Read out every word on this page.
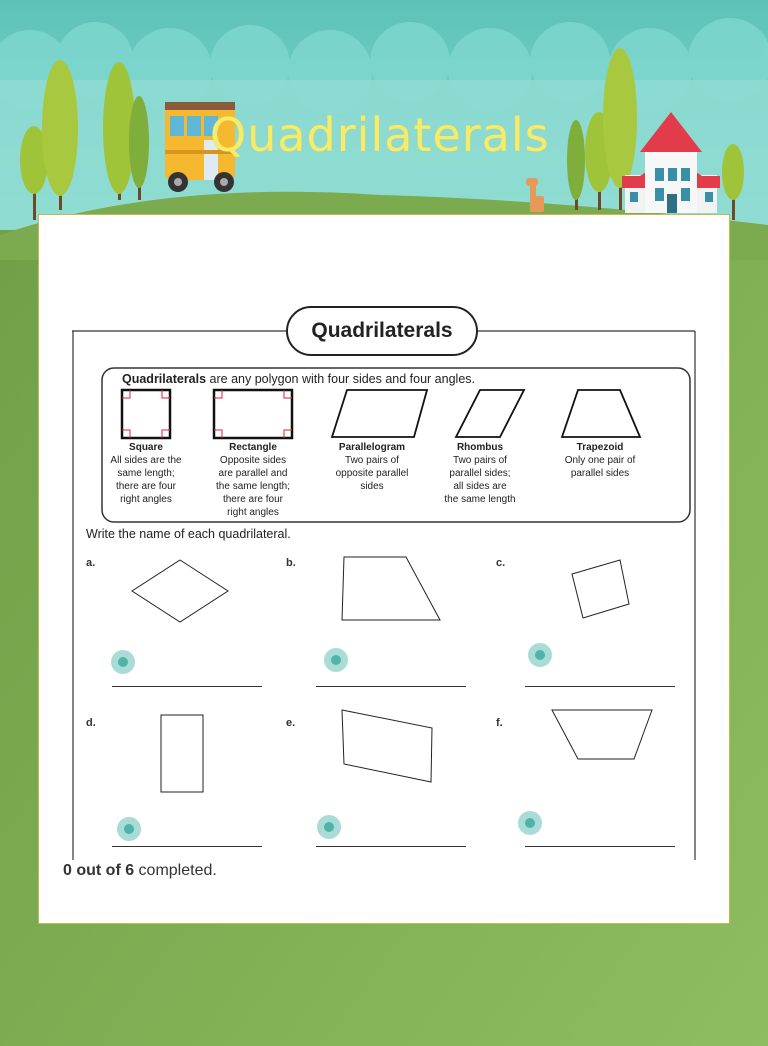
Quadrilaterals
Quadrilaterals
Quadrilaterals are any polygon with four sides and four angles.
Square
All sides are the
same length;
there are four
right angles
Rectangle
Opposite sides
are parallel and
the same length;
there are four
right angles
Parallelogram
Two pairs of
opposite parallel
sides
Rhombus
Two pairs of
parallel sides;
all sides are
the same length
Trapezoid
Only one pair of
parallel sides
Write the name of each quadrilateral.
a.	b.	c.
d.	e.	f.
0 out of 6 completed.
